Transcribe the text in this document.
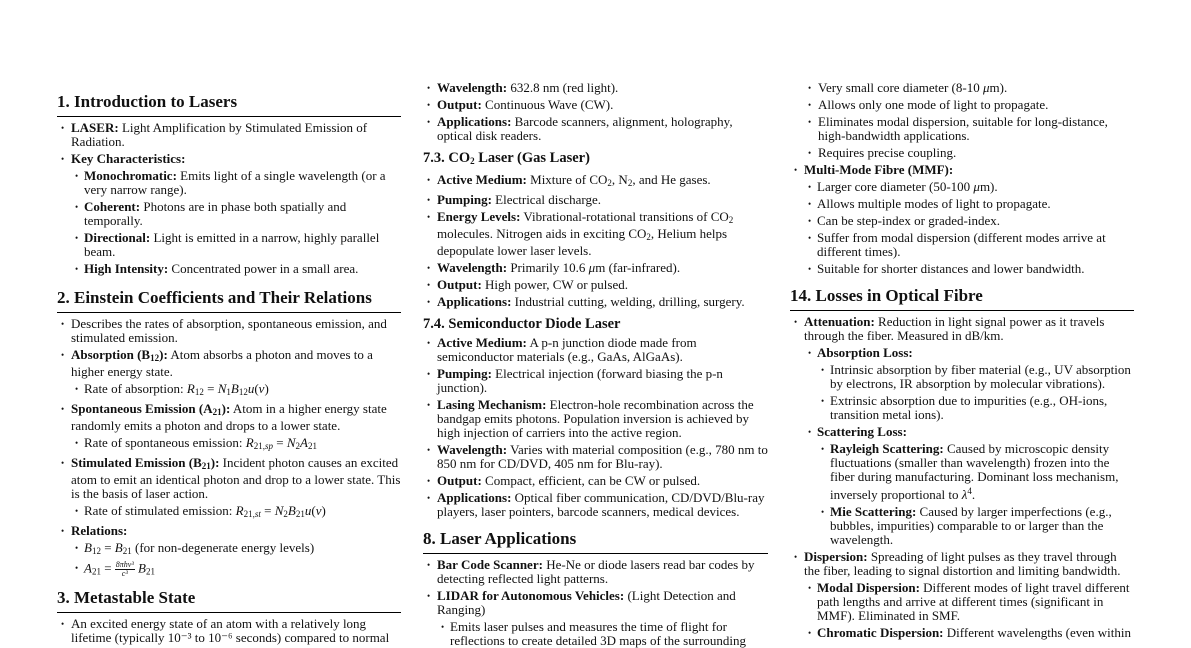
1. Introduction to Lasers
• LASER: Light Amplification by Stimulated Emission of Radiation.
• Key Characteristics:
• Monochromatic: Emits light of a single wavelength (or a very narrow range).
• Coherent: Photons are in phase both spatially and temporally.
• Directional: Light is emitted in a narrow, highly parallel beam.
• High Intensity: Concentrated power in a small area.
2. Einstein Coefficients and Their Relations
• Describes the rates of absorption, spontaneous emission, and stimulated emission.
• Absorption $(B_{12})$: Atom absorbs a photon and moves to a higher energy state.
• Rate of absorption: $R_{12} = N_1B_{12}u(\nu)$
• Spontaneous Emission $(A_{21})$: Atom in a higher energy state randomly emits a photon and drops to a lower state.
• Rate of spontaneous emission: $R_{21,sp} = N_2A_{21}$
• Stimulated Emission $(B_{21})$: Incident photon causes an excited atom to emit an identical photon and drop to a lower state. This is the basis of laser action.
• Rate of stimulated emission: $R_{21,st} = N_2B_{21}u(\nu)$
• Relations:
• $B_{12} = B_{21}$ (for non-degenerate energy levels)
• $A_{21} = \frac{\text{8πhν³}}{\text{c³}} B_{21}$
3. Metastable State
• An excited energy state of an atom with a relatively long lifetime (typically 10⁻³ to 10⁻⁶ seconds) compared to normal
• Wavelength: 632.8 nm (red light).
• Output: Continuous Wave (CW).
• Applications: Barcode scanners, alignment, holography, optical disk readers.
7.3. $CO_2$ Laser (Gas Laser)
• Active Medium: Mixture of $CO_2$, $N_2$, and He gases.
• Pumping: Electrical discharge.
• Energy Levels: Vibrational-rotational transitions of $CO_2$ molecules. Nitrogen aids in exciting $CO_2$, Helium helps depopulate lower laser levels.
• Wavelength: Primarily 10.6 μm (far-infrared).
• Output: High power, CW or pulsed.
• Applications: Industrial cutting, welding, drilling, surgery.
7.4. Semiconductor Diode Laser
• Active Medium: A p-n junction diode made from semiconductor materials (e.g., GaAs, AlGaAs).
• Pumping: Electrical injection (forward biasing the p-n junction).
• Lasing Mechanism: Electron-hole recombination across the bandgap emits photons. Population inversion is achieved by high injection of carriers into the active region.
• Wavelength: Varies with material composition (e.g., 780 nm to 850 nm for CD/DVD, 405 nm for Blu-ray).
• Output: Compact, efficient, can be CW or pulsed.
• Applications: Optical fiber communication, CD/DVD/Blu-ray players, laser pointers, barcode scanners, medical devices.
8. Laser Applications
• Bar Code Scanner: He-Ne or diode lasers read bar codes by detecting reflected light patterns.
• LIDAR for Autonomous Vehicles: (Light Detection and Ranging)
• Emits laser pulses and measures the time of flight for reflections to create detailed 3D maps of the surrounding
• Very small core diameter (8-10 μm).
• Allows only one mode of light to propagate.
• Eliminates modal dispersion, suitable for long-distance, high-bandwidth applications.
• Requires precise coupling.
• Multi-Mode Fibre (MMF):
• Larger core diameter (50-100 μm).
• Allows multiple modes of light to propagate.
• Can be step-index or graded-index.
• Suffer from modal dispersion (different modes arrive at different times).
• Suitable for shorter distances and lower bandwidth.
14. Losses in Optical Fibre
• Attenuation: Reduction in light signal power as it travels through the fiber. Measured in dB/km.
• Absorption Loss:
• Intrinsic absorption by fiber material (e.g., UV absorption by electrons, IR absorption by molecular vibrations).
• Extrinsic absorption due to impurities (e.g., OH-ions, transition metal ions).
• Scattering Loss:
• Rayleigh Scattering: Caused by microscopic density fluctuations (smaller than wavelength) frozen into the fiber during manufacturing. Dominant loss mechanism, inversely proportional to $\lambda^4$.
• Mie Scattering: Caused by larger imperfections (e.g., bubbles, impurities) comparable to or larger than the wavelength.
• Dispersion: Spreading of light pulses as they travel through the fiber, leading to signal distortion and limiting bandwidth.
• Modal Dispersion: Different modes of light travel different path lengths and arrive at different times (significant in MMF). Eliminated in SMF.
• Chromatic Dispersion: Different wavelengths (even within
